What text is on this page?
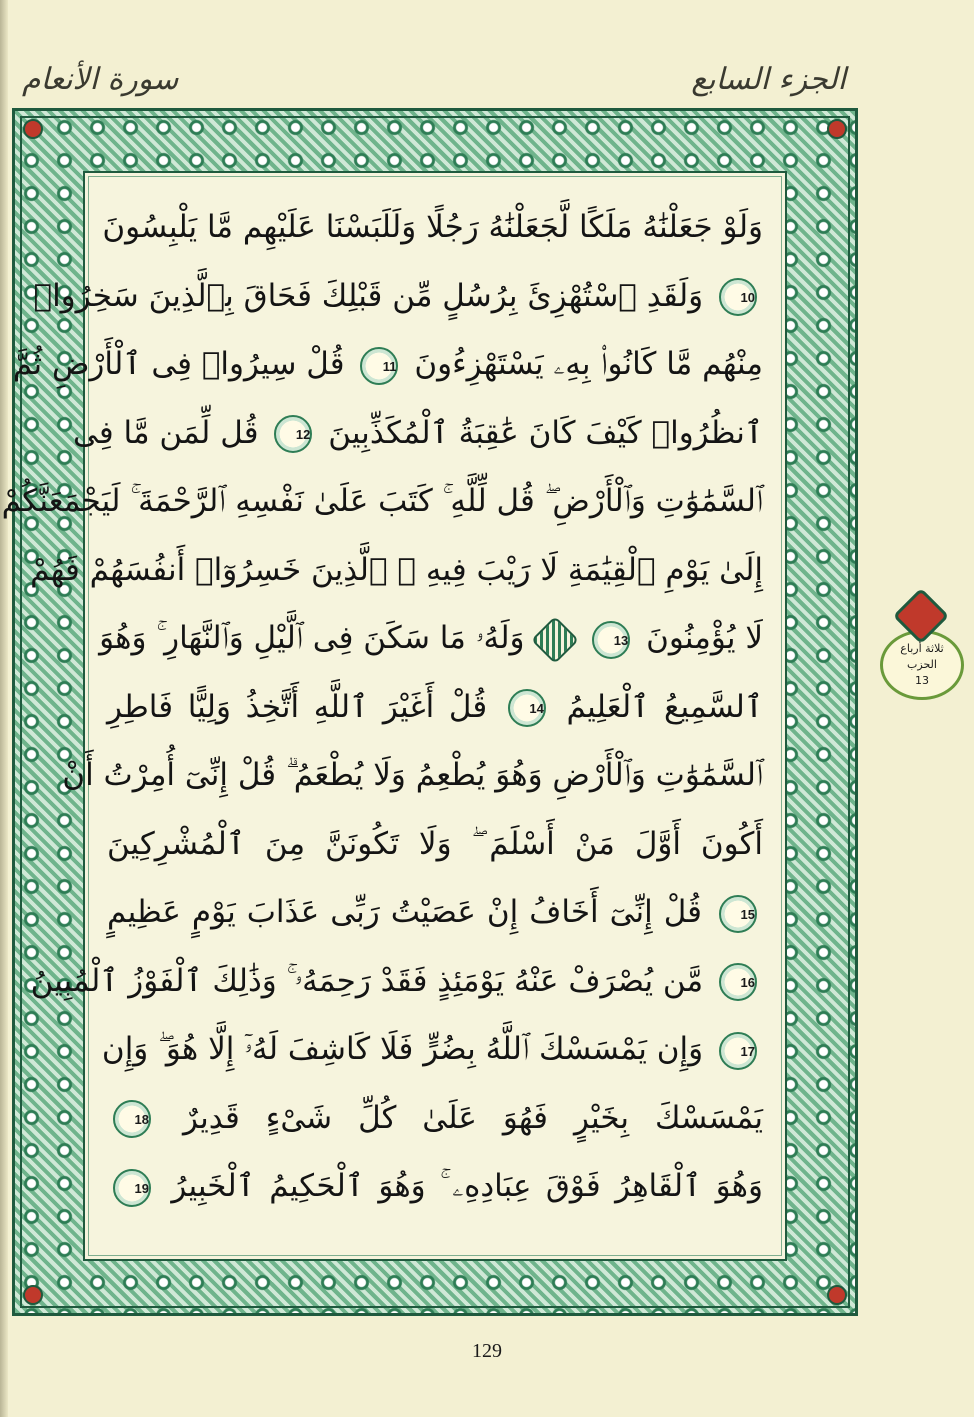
سورة الأنعام	الجزء السابع
وَلَوْ جَعَلْنَٰهُ مَلَكًا لَّجَعَلْنَٰهُ رَجُلًا وَلَلَبَسْنَا عَلَيْهِم مَّا يَلْبِسُونَ
10 وَلَقَدِ ٱسْتُهْزِئَ بِرُسُلٍ مِّن قَبْلِكَ فَحَاقَ بِٱلَّذِينَ سَخِرُوا۟
مِنْهُم مَّا كَانُوا۟ بِهِۦ يَسْتَهْزِءُونَ 11 قُلْ سِيرُوا۟ فِى ٱلْأَرْضِ ثُمَّ
ٱنظُرُوا۟ كَيْفَ كَانَ عَٰقِبَةُ ٱلْمُكَذِّبِينَ 12 قُل لِّمَن مَّا فِى
ٱلسَّمَٰوَٰتِ وَٱلْأَرْضِ ۖ قُل لِّلَّهِ ۚ كَتَبَ عَلَىٰ نَفْسِهِ ٱلرَّحْمَةَ ۚ لَيَجْمَعَنَّكُمْ
إِلَىٰ يَوْمِ ٱلْقِيَٰمَةِ لَا رَيْبَ فِيهِ ۚ ٱلَّذِينَ خَسِرُوٓا۟ أَنفُسَهُمْ فَهُمْ
لَا يُؤْمِنُونَ 13  وَلَهُۥ مَا سَكَنَ فِى ٱلَّيْلِ وَٱلنَّهَارِ ۚ وَهُوَ
ٱلسَّمِيعُ ٱلْعَلِيمُ 14 قُلْ أَغَيْرَ ٱللَّهِ أَتَّخِذُ وَلِيًّا فَاطِرِ
ٱلسَّمَٰوَٰتِ وَٱلْأَرْضِ وَهُوَ يُطْعِمُ وَلَا يُطْعَمُ ۗ قُلْ إِنِّىٓ أُمِرْتُ أَنْ
أَكُونَ أَوَّلَ مَنْ أَسْلَمَ ۖ وَلَا تَكُونَنَّ مِنَ ٱلْمُشْرِكِينَ
15 قُلْ إِنِّىٓ أَخَافُ إِنْ عَصَيْتُ رَبِّى عَذَابَ يَوْمٍ عَظِيمٍ
16 مَّن يُصْرَفْ عَنْهُ يَوْمَئِذٍ فَقَدْ رَحِمَهُۥ ۚ وَذَٰلِكَ ٱلْفَوْزُ ٱلْمُبِينُ
17 وَإِن يَمْسَسْكَ ٱللَّهُ بِضُرٍّ فَلَا كَاشِفَ لَهُۥٓ إِلَّا هُوَ ۖ وَإِن
يَمْسَسْكَ بِخَيْرٍ فَهُوَ عَلَىٰ كُلِّ شَىْءٍ قَدِيرٌ 18
وَهُوَ ٱلْقَاهِرُ فَوْقَ عِبَادِهِۦ ۚ وَهُوَ ٱلْحَكِيمُ ٱلْخَبِيرُ 19
ثلاثة أرباع
الحزب
13
129
